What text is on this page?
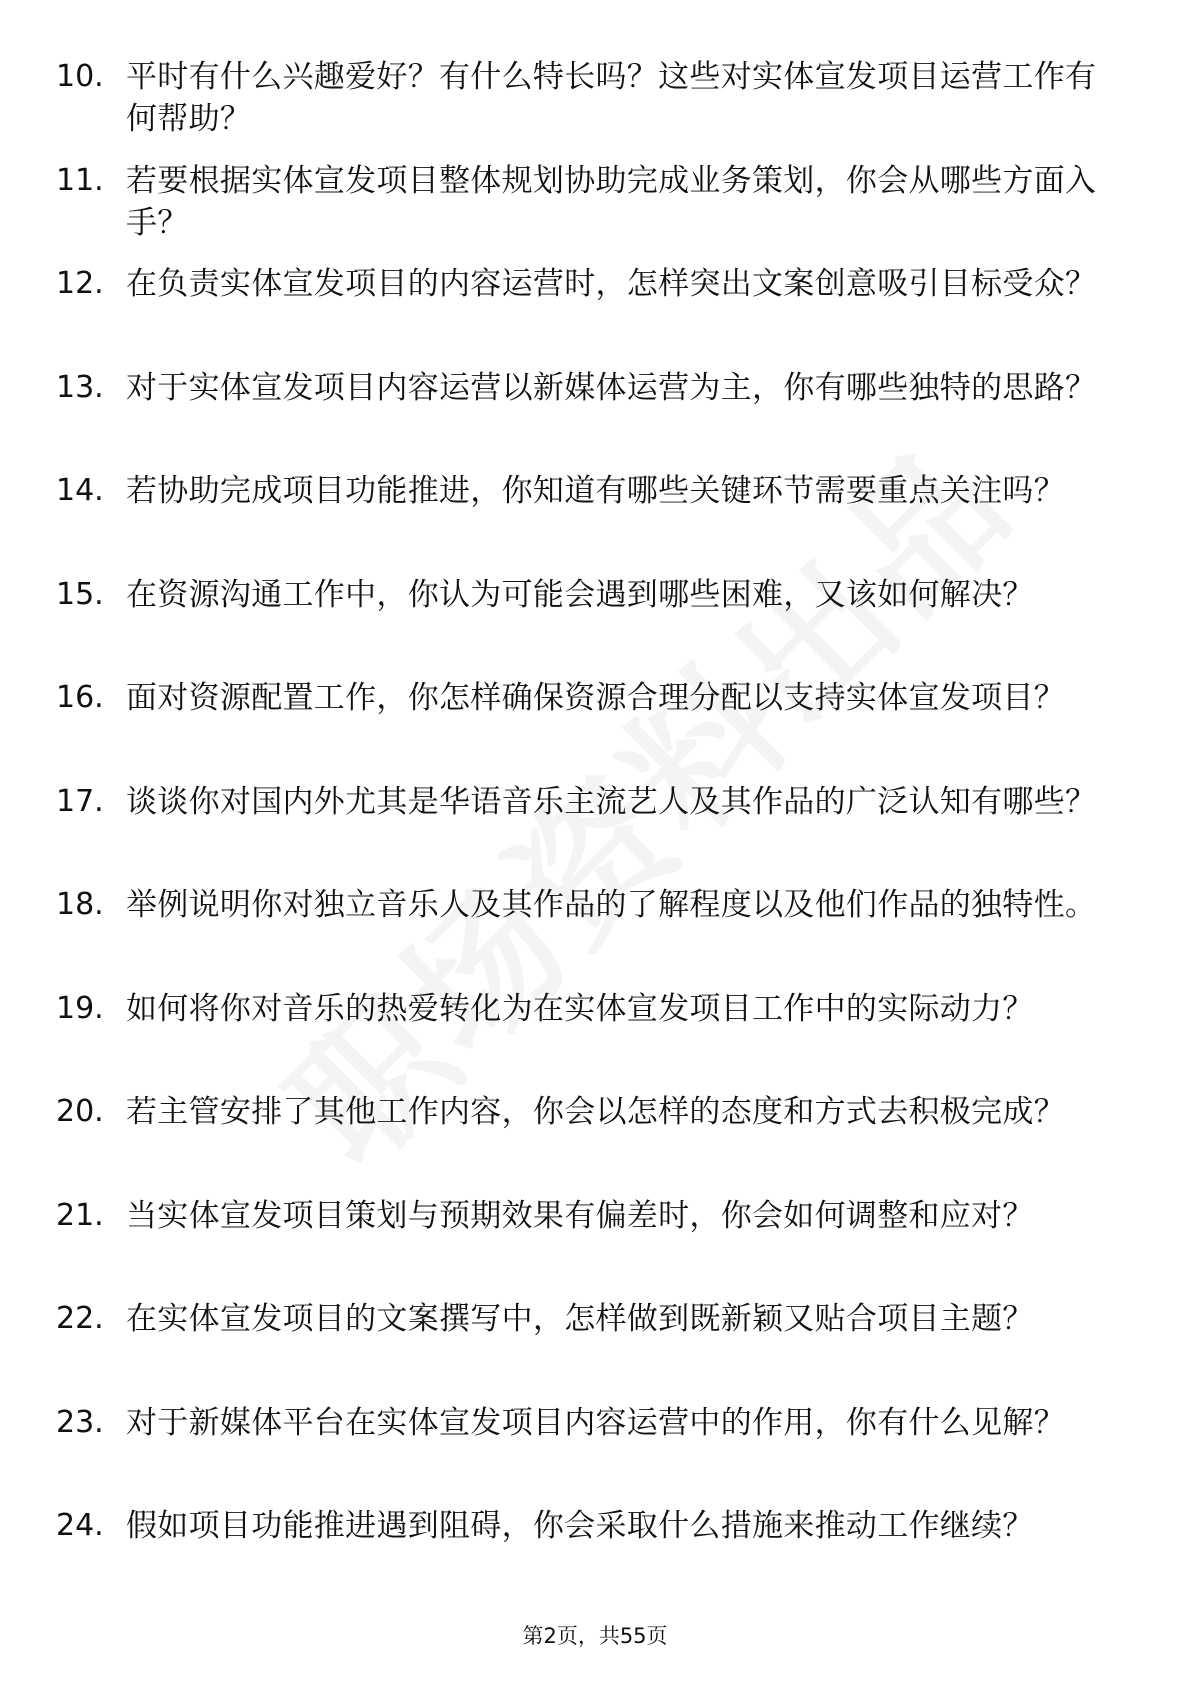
10. 平时有什么兴趣爱好？有什么特长吗？这些对实体宣发项目运营工作有何帮助？
11. 若要根据实体宣发项目整体规划协助完成业务策划，你会从哪些方面入手？
12. 在负责实体宣发项目的内容运营时，怎样突出文案创意吸引目标受众？
13. 对于实体宣发项目内容运营以新媒体运营为主，你有哪些独特的思路？
14. 若协助完成项目功能推进，你知道有哪些关键环节需要重点关注吗？
15. 在资源沟通工作中，你认为可能会遇到哪些困难，又该如何解决？
16. 面对资源配置工作，你怎样确保资源合理分配以支持实体宣发项目？
17. 谈谈你对国内外尤其是华语音乐主流艺人及其作品的广泛认知有哪些？
18. 举例说明你对独立音乐人及其作品的了解程度以及他们作品的独特性。
19. 如何将你对音乐的热爱转化为在实体宣发项目工作中的实际动力？
20. 若主管安排了其他工作内容，你会以怎样的态度和方式去积极完成？
21. 当实体宣发项目策划与预期效果有偏差时，你会如何调整和应对？
22. 在实体宣发项目的文案撰写中，怎样做到既新颖又贴合项目主题？
23. 对于新媒体平台在实体宣发项目内容运营中的作用，你有什么见解？
24. 假如项目功能推进遇到阻碍，你会采取什么措施来推动工作继续？
第2页，共55页
